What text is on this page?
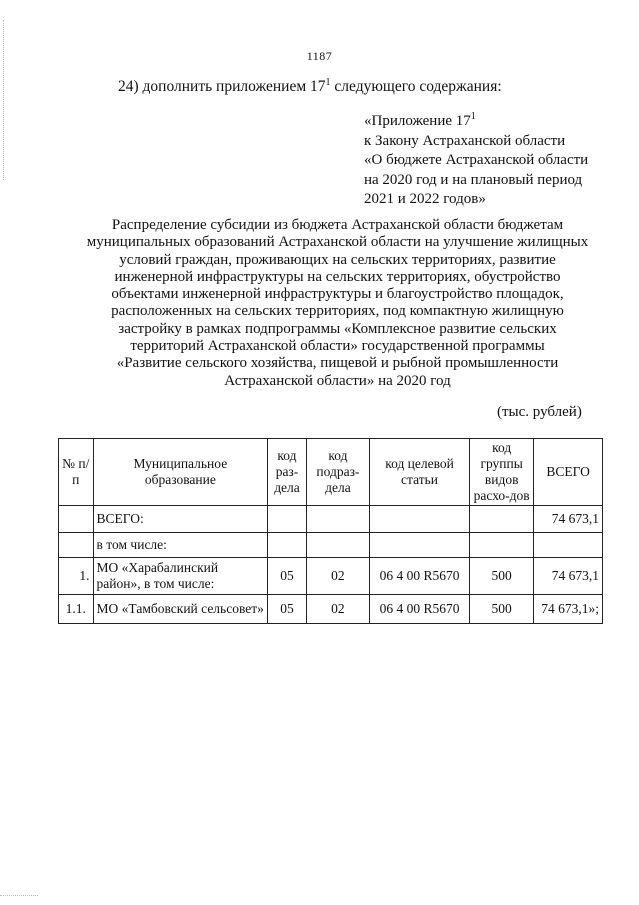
1187
24) дополнить приложением $17^1$ следующего содержания:
«Приложение $17^1$
к Закону Астраханской области
«О бюджете Астраханской области
на 2020 год и на плановый период
2021 и 2022 годов»
Распределение субсидии из бюджета Астраханской области бюджетам
муниципальных образований Астраханской области на улучшение жилищных
условий граждан, проживающих на сельских территориях, развитие
инженерной инфраструктуры на сельских территориях, обустройство
объектами инженерной инфраструктуры и благоустройство площадок,
расположенных на сельских территориях, под компактную жилищную
застройку в рамках подпрограммы «Комплексное развитие сельских
территорий Астраханской области» государственной программы
«Развитие сельского хозяйства, пищевой и рыбной промышленности
Астраханской области» на 2020 год
(тыс. рублей)
№ п/п	Муниципальное образование	код раз-дела	код подраз-дела	код целевой статьи	код группы видов расхо-дов	ВСЕГО
	ВСЕГО:					74 673,1
	в том числе:					
1.	МО «Харабалинский район», в том числе:	05	02	06 4 00 R5670	500	74 673,1
1.1.	МО «Тамбовский сельсовет»	05	02	06 4 00 R5670	500	74 673,1»;
